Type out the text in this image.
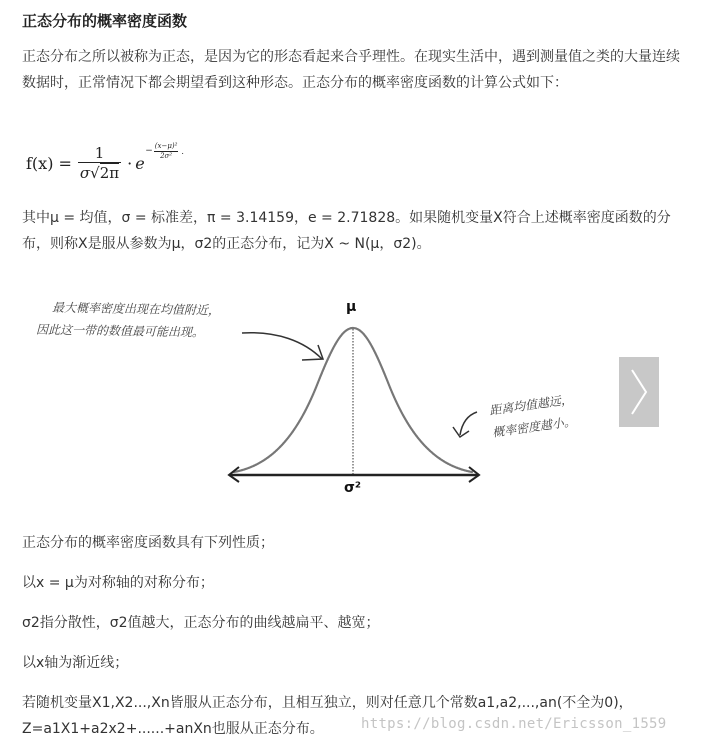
正态分布的概率密度函数
正态分布之所以被称为正态，是因为它的形态看起来合乎理性。在现实生活中，遇到测量值之类的大量连续数据时，正常情况下都会期望看到这种形态。正态分布的概率密度函数的计算公式如下：
$f(x) = \frac{1}{\sigma√2\pi} \cdot e$
− $\frac{\text{(x−μ)²}}{\text{2σ²}}$ .
其中μ = 均值，σ = 标准差，π = 3.14159，e = 2.71828。如果随机变量X符合上述概率密度函数的分布，则称X是服从参数为μ，σ2的正态分布，记为X ~ N(μ，σ2)。
μ
σ²
最大概率密度出现在均值附近，
因此这一带的数值最可能出现。
距离均值越远，
概率密度越小。
正态分布的概率密度函数具有下列性质；
以x = μ为对称轴的对称分布；
σ2指分散性，σ2值越大，正态分布的曲线越扁平、越宽；
以x轴为渐近线；
若随机变量X1,X2...,Xn皆服从正态分布，且相互独立，则对任意几个常数a1,a2,...,an(不全为0)，Z=a1X1+a2x2+......+anXn也服从正态分布。	https://blog.csdn.net/Ericsson_1559
